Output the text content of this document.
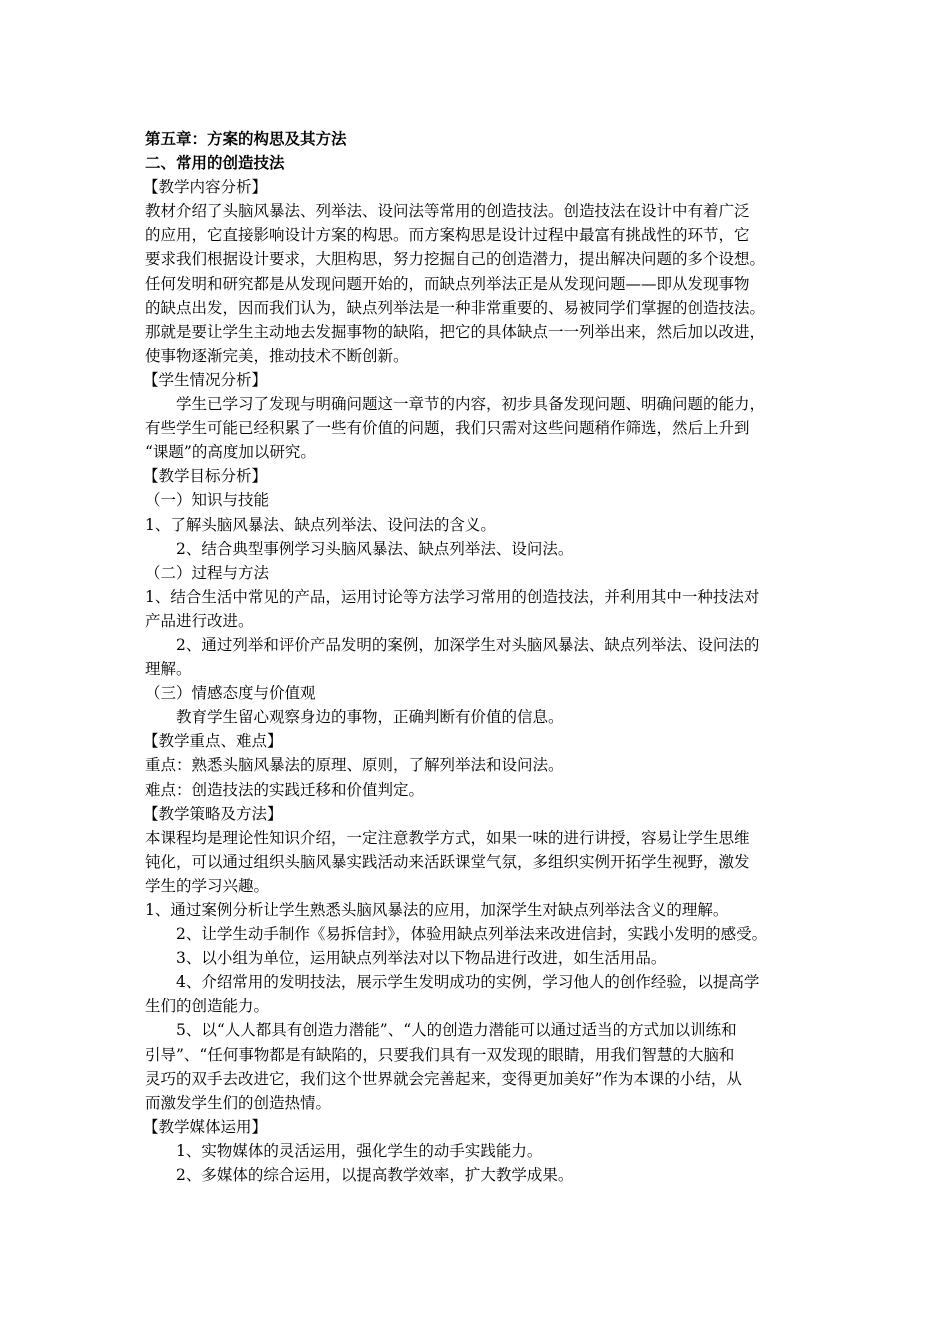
第五章：方案的构思及其方法

二、常用的创造技法

【教学内容分析】

教材介绍了头脑风暴法、列举法、设问法等常用的创造技法。创造技法在设计中有着广泛

的应用，它直接影响设计方案的构思。而方案构思是设计过程中最富有挑战性的环节，它

要求我们根据设计要求，大胆构思，努力挖掘自己的创造潜力，提出解决问题的多个设想。

任何发明和研究都是从发现问题开始的，而缺点列举法正是从发现问题——即从发现事物

的缺点出发，因而我们认为，缺点列举法是一种非常重要的、易被同学们掌握的创造技法。

那就是要让学生主动地去发掘事物的缺陷，把它的具体缺点一一列举出来，然后加以改进，

使事物逐渐完美，推动技术不断创新。

【学生情况分析】

学生已学习了发现与明确问题这一章节的内容，初步具备发现问题、明确问题的能力，

有些学生可能已经积累了一些有价值的问题，我们只需对这些问题稍作筛选，然后上升到

“课题”的高度加以研究。

【教学目标分析】

（一）知识与技能

1、了解头脑风暴法、缺点列举法、设问法的含义。

2、结合典型事例学习头脑风暴法、缺点列举法、设问法。

（二）过程与方法

1、结合生活中常见的产品，运用讨论等方法学习常用的创造技法，并利用其中一种技法对

产品进行改进。

2、通过列举和评价产品发明的案例，加深学生对头脑风暴法、缺点列举法、设问法的

理解。

（三）情感态度与价值观

教育学生留心观察身边的事物，正确判断有价值的信息。

【教学重点、难点】

重点：熟悉头脑风暴法的原理、原则，了解列举法和设问法。

难点：创造技法的实践迁移和价值判定。

【教学策略及方法】

本课程均是理论性知识介绍，一定注意教学方式，如果一味的进行讲授，容易让学生思维

钝化，可以通过组织头脑风暴实践活动来活跃课堂气氛，多组织实例开拓学生视野，激发

学生的学习兴趣。

1、通过案例分析让学生熟悉头脑风暴法的应用，加深学生对缺点列举法含义的理解。

2、让学生动手制作《易拆信封》，体验用缺点列举法来改进信封，实践小发明的感受。

3、以小组为单位，运用缺点列举法对以下物品进行改进，如生活用品。

4、介绍常用的发明技法，展示学生发明成功的实例，学习他人的创作经验，以提高学

生们的创造能力。

5、以“人人都具有创造力潜能”、“人的创造力潜能可以通过适当的方式加以训练和

引导”、“任何事物都是有缺陷的，只要我们具有一双发现的眼睛，用我们智慧的大脑和

灵巧的双手去改进它，我们这个世界就会完善起来，变得更加美好”作为本课的小结，从

而激发学生们的创造热情。

【教学媒体运用】

1、实物媒体的灵活运用，强化学生的动手实践能力。

2、多媒体的综合运用，以提高教学效率，扩大教学成果。
